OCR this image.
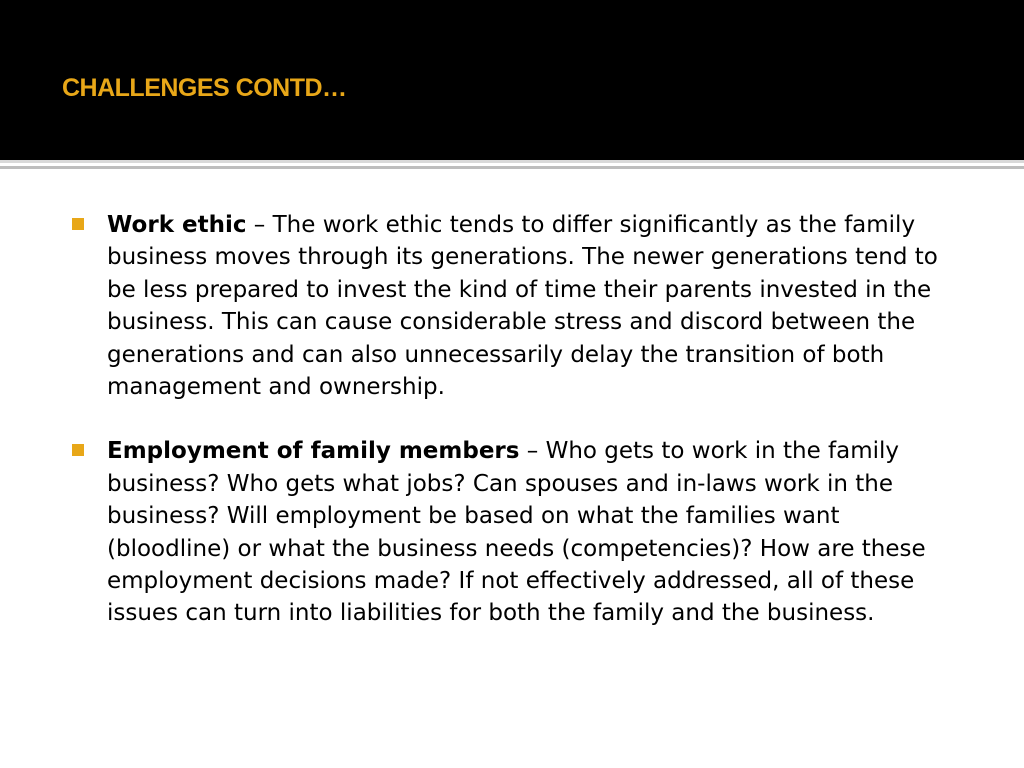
CHALLENGES CONTD…
Work ethic – The work ethic tends to differ significantly as the family business moves through its generations. The newer generations tend to be less prepared to invest the kind of time their parents invested in the business. This can cause considerable stress and discord between the generations and can also unnecessarily delay the transition of both management and ownership.
Employment of family members – Who gets to work in the family business? Who gets what jobs? Can spouses and in-laws work in the business? Will employment be based on what the families want (bloodline) or what the business needs (competencies)? How are these employment decisions made? If not effectively addressed, all of these issues can turn into liabilities for both the family and the business.
